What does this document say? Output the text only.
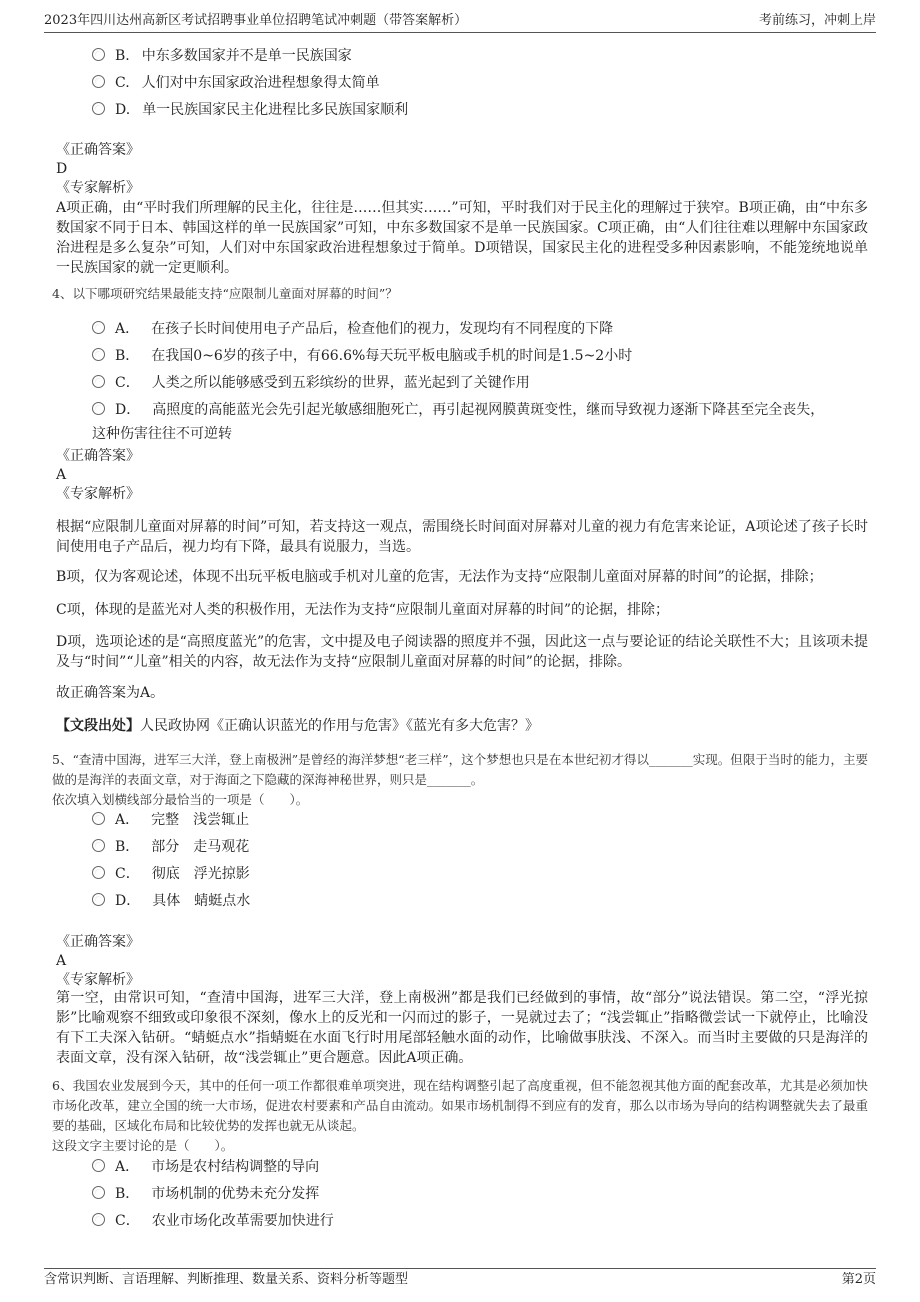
2023年四川达州高新区考试招聘事业单位招聘笔试冲刺题（带答案解析）	考前练习，冲刺上岸
B. 中东多数国家并不是单一民族国家
C. 人们对中东国家政治进程想象得太简单
D. 单一民族国家民主化进程比多民族国家顺利
《正确答案》
D
《专家解析》
A项正确，由“平时我们所理解的民主化，往往是……但其实……”可知，平时我们对于民主化的理解过于狭窄。B项正确，由“中东多数国家不同于日本、韩国这样的单一民族国家”可知，中东多数国家不是单一民族国家。C项正确，由“人们往往难以理解中东国家政治进程是多么复杂”可知，人们对中东国家政治进程想象过于简单。D项错误，国家民主化的进程受多种因素影响，不能笼统地说单一民族国家的就一定更顺利。
4、以下哪项研究结果最能支持“应限制儿童面对屏幕的时间”？
A． 在孩子长时间使用电子产品后，检查他们的视力，发现均有不同程度的下降
B． 在我国0~6岁的孩子中，有66.6%每天玩平板电脑或手机的时间是1.5~2小时
C． 人类之所以能够感受到五彩缤纷的世界，蓝光起到了关键作用
D． 高照度的高能蓝光会先引起光敏感细胞死亡，再引起视网膜黄斑变性，继而导致视力逐渐下降甚至完全丧失，
这种伤害往往不可逆转
《正确答案》
A
《专家解析》
根据“应限制儿童面对屏幕的时间”可知，若支持这一观点，需围绕长时间面对屏幕对儿童的视力有危害来论证，A项论述了孩子长时间使用电子产品后，视力均有下降，最具有说服力，当选。
B项，仅为客观论述，体现不出玩平板电脑或手机对儿童的危害，无法作为支持“应限制儿童面对屏幕的时间”的论据，排除；
C项，体现的是蓝光对人类的积极作用，无法作为支持“应限制儿童面对屏幕的时间”的论据，排除；
D项，选项论述的是“高照度蓝光”的危害，文中提及电子阅读器的照度并不强，因此这一点与要论证的结论关联性不大；且该项未提及与“时间”“儿童”相关的内容，故无法作为支持“应限制儿童面对屏幕的时间”的论据，排除。
故正确答案为A。
【文段出处】人民政协网《正确认识蓝光的作用与危害》《蓝光有多大危害？》
5、“查清中国海，进军三大洋，登上南极洲”是曾经的海洋梦想“老三样”，这个梦想也只是在本世纪初才得以_______实现。但限于当时的能力，主要做的是海洋的表面文章，对于海面之下隐藏的深海神秘世界，则只是_______。
依次填入划横线部分最恰当的一项是（　　）。
A． 完整　浅尝辄止
B． 部分　走马观花
C． 彻底　浮光掠影
D． 具体　蜻蜓点水
《正确答案》
A
《专家解析》
第一空，由常识可知，“查清中国海，进军三大洋，登上南极洲”都是我们已经做到的事情，故“部分”说法错误。第二空，“浮光掠影”比喻观察不细致或印象很不深刻，像水上的反光和一闪而过的影子，一晃就过去了；“浅尝辄止”指略微尝试一下就停止，比喻没有下工夫深入钻研。“蜻蜓点水”指蜻蜓在水面飞行时用尾部轻触水面的动作，比喻做事肤浅、不深入。而当时主要做的只是海洋的表面文章，没有深入钻研，故“浅尝辄止”更合题意。因此A项正确。
6、我国农业发展到今天，其中的任何一项工作都很难单项突进，现在结构调整引起了高度重视，但不能忽视其他方面的配套改革，尤其是必须加快市场化改革，建立全国的统一大市场，促进农村要素和产品自由流动。如果市场机制得不到应有的发育，那么以市场为导向的结构调整就失去了最重要的基础，区域化布局和比较优势的发挥也就无从谈起。
这段文字主要讨论的是（　　）。
A． 市场是农村结构调整的导向
B． 市场机制的优势未充分发挥
C． 农业市场化改革需要加快进行
含常识判断、言语理解、判断推理、数量关系、资料分析等题型	第2页
